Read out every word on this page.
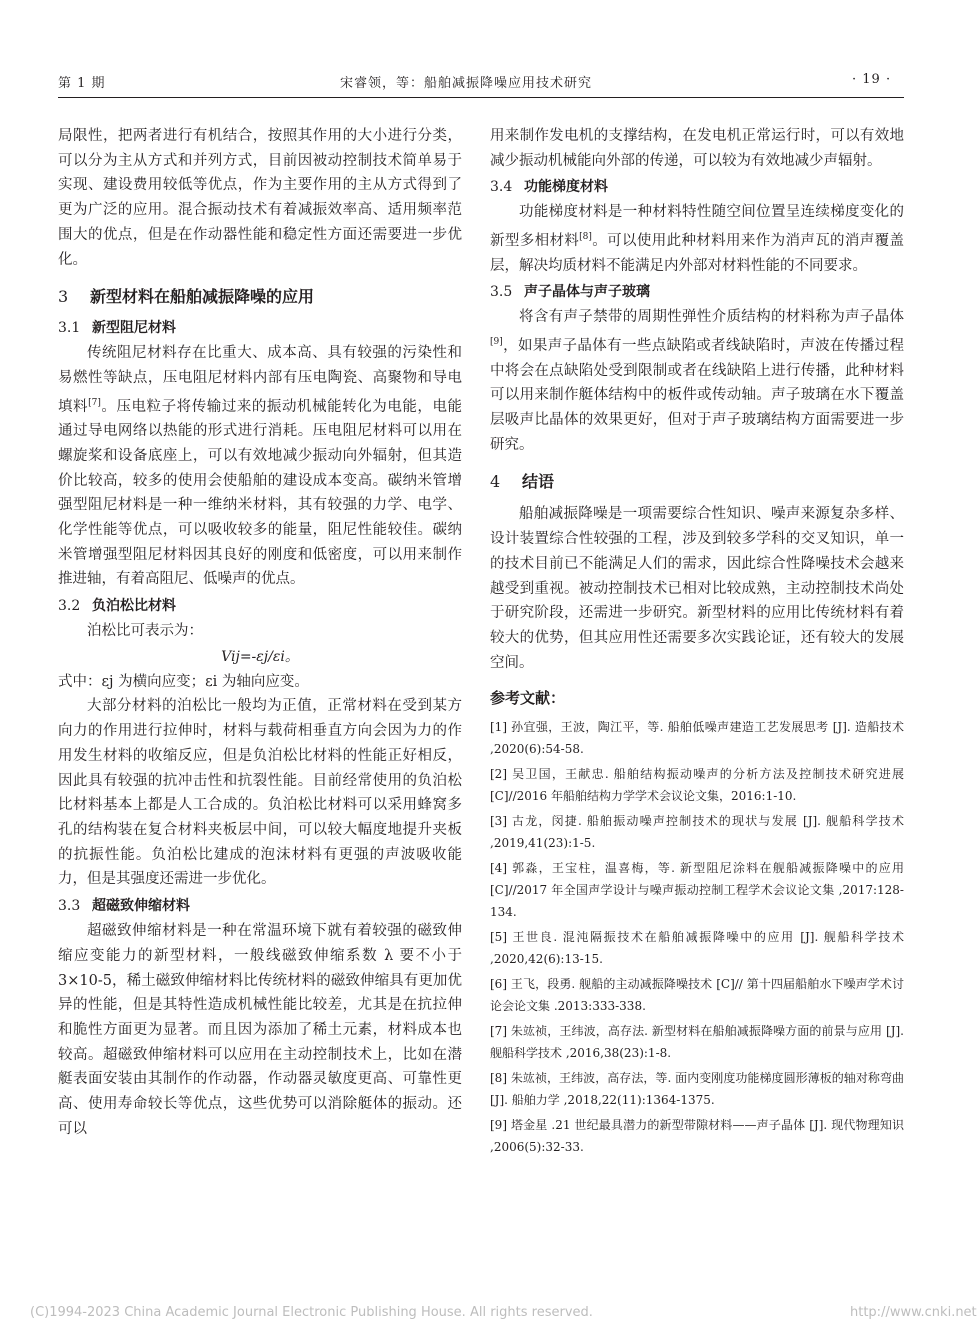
第 1 期	宋睿领，等：船舶减振降噪应用技术研究	· 19 ·

局限性，把两者进行有机结合，按照其作用的大小进行分类，可以分为主从方式和并列方式，目前因被动控制技术简单易于实现、建设费用较低等优点，作为主要作用的主从方式得到了更为广泛的应用。混合振动技术有着减振效率高、适用频率范围大的优点，但是在作动器性能和稳定性方面还需要进一步优化。

3 新型材料在船舶减振降噪的应用
3.1 新型阻尼材料

传统阻尼材料存在比重大、成本高、具有较强的污染性和易燃性等缺点，压电阻尼材料内部有压电陶瓷、高聚物和导电填料[7]。压电粒子将传输过来的振动机械能转化为电能，电能通过导电网络以热能的形式进行消耗。压电阻尼材料可以用在螺旋桨和设备底座上，可以有效地减少振动向外辐射，但其造价比较高，较多的使用会使船舶的建设成本变高。碳纳米管增强型阻尼材料是一种一维纳米材料，其有较强的力学、电学、化学性能等优点，可以吸收较多的能量，阻尼性能较佳。碳纳米管增强型阻尼材料因其良好的刚度和低密度，可以用来制作推进轴，有着高阻尼、低噪声的优点。

3.2 负泊松比材料

泊松比可表示为：

Vij=-εj/εi。

式中：εj 为横向应变；εi 为轴向应变。

大部分材料的泊松比一般均为正值，正常材料在受到某方向力的作用进行拉伸时，材料与载荷相垂直方向会因为力的作用发生材料的收缩反应，但是负泊松比材料的性能正好相反，因此具有较强的抗冲击性和抗裂性能。目前经常使用的负泊松比材料基本上都是人工合成的。负泊松比材料可以采用蜂窝多孔的结构装在复合材料夹板层中间，可以较大幅度地提升夹板的抗振性能。负泊松比建成的泡沫材料有更强的声波吸收能力，但是其强度还需进一步优化。

3.3 超磁致伸缩材料

超磁致伸缩材料是一种在常温环境下就有着较强的磁致伸缩应变能力的新型材料，一般线磁致伸缩系数 λ 要不小于 3×10-5，稀土磁致伸缩材料比传统材料的磁致伸缩具有更加优异的性能，但是其特性造成机械性能比较差，尤其是在抗拉伸和脆性方面更为显著。而且因为添加了稀土元素，材料成本也较高。超磁致伸缩材料可以应用在主动控制技术上，比如在潜艇表面安装由其制作的作动器，作动器灵敏度更高、可靠性更高、使用寿命较长等优点，这些优势可以消除艇体的振动。还可以

用来制作发电机的支撑结构，在发电机正常运行时，可以有效地减少振动机械能向外部的传递，可以较为有效地减少声辐射。

3.4 功能梯度材料

功能梯度材料是一种材料特性随空间位置呈连续梯度变化的新型多相材料[8]。可以使用此种材料用来作为消声瓦的消声覆盖层，解决均质材料不能满足内外部对材料性能的不同要求。

3.5 声子晶体与声子玻璃

将含有声子禁带的周期性弹性介质结构的材料称为声子晶体[9]，如果声子晶体有一些点缺陷或者线缺陷时，声波在传播过程中将会在点缺陷处受到限制或者在线缺陷上进行传播，此种材料可以用来制作艇体结构中的板件或传动轴。声子玻璃在水下覆盖层吸声比晶体的效果更好，但对于声子玻璃结构方面需要进一步研究。

4 结语

船舶减振降噪是一项需要综合性知识、噪声来源复杂多样、设计装置综合性较强的工程，涉及到较多学科的交叉知识，单一的技术目前已不能满足人们的需求，因此综合性降噪技术会越来越受到重视。被动控制技术已相对比较成熟，主动控制技术尚处于研究阶段，还需进一步研究。新型材料的应用比传统材料有着较大的优势，但其应用性还需要多次实践论证，还有较大的发展空间。

参考文献：
[1] 孙宜强，王波，陶江平，等. 船舶低噪声建造工艺发展思考 [J]. 造船技术 ,2020(6):54-58.
[2] 吴卫国，王献忠. 船舶结构振动噪声的分析方法及控制技术研究进展 [C]//2016 年船舶结构力学学术会议论文集，2016:1-10.
[3] 古龙，闵捷. 船舶振动噪声控制技术的现状与发展 [J]. 舰船科学技术 ,2019,41(23):1-5.
[4] 郭淼，王宝柱，温喜梅，等. 新型阻尼涂料在舰船减振降噪中的应用 [C]//2017 年全国声学设计与噪声振动控制工程学术会议论文集 ,2017:128-134.
[5] 王世良. 混沌隔振技术在船舶减振降噪中的应用 [J]. 舰船科学技术 ,2020,42(6):13-15.
[6] 王飞，段勇. 舰船的主动减振降噪技术 [C]// 第十四届船舶水下噪声学术讨论会论文集 .2013:333-338.
[7] 朱竑祯，王纬波，高存法. 新型材料在船舶减振降噪方面的前景与应用 [J]. 舰船科学技术 ,2016,38(23):1-8.
[8] 朱竑祯，王纬波，高存法，等. 面内变刚度功能梯度圆形薄板的轴对称弯曲 [J]. 船舶力学 ,2018,22(11):1364-1375.
[9] 塔金星 .21 世纪最具潜力的新型带隙材料——声子晶体 [J]. 现代物理知识 ,2006(5):32-33.
(C)1994-2023 China Academic Journal Electronic Publishing House. All rights reserved.	http://www.cnki.net
